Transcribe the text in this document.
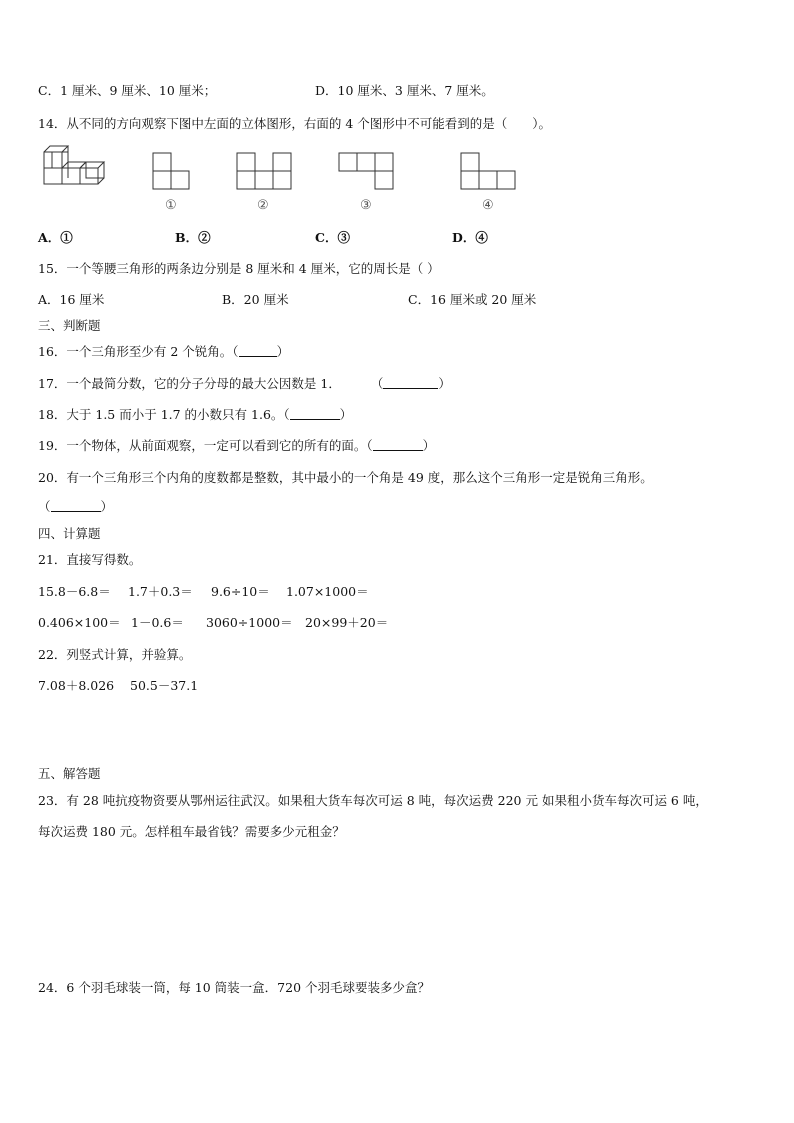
C．1 厘米、9 厘米、10 厘米；	D．10 厘米、3 厘米、7 厘米。
14．从不同的方向观察下图中左面的立体图形，右面的 4 个图形中不可能看到的是（　　）。
①	②	③	④
A．①	B．②	C．③	D．④
15．一个等腰三角形的两条边分别是 8 厘米和 4 厘米，它的周长是（ ）
A．16 厘米	B．20 厘米	C．16 厘米或 20 厘米
三、判断题
16．一个三角形至少有 2 个锐角。（	）
17．一个最简分数，它的分子分母的最大公因数是 1． （	）
18．大于 1.5 而小于 1.7 的小数只有 1.6。（	）
19．一个物体，从前面观察，一定可以看到它的所有的面。（	）
20．有一个三角形三个内角的度数都是整数，其中最小的一个角是 49 度，那么这个三角形一定是锐角三角形。
（	）
四、计算题
21．直接写得数。
15.8－6.8＝ 1.7＋0.3＝ 9.6÷10＝ 1.07×1000＝
0.406×100＝ 1－0.6＝ 3060÷1000＝ 20×99＋20＝
22．列竖式计算，并验算。
7.08＋8.026 50.5－37.1
五、解答题
23．有 28 吨抗疫物资要从鄂州运往武汉。如果租大货车每次可运 8 吨，每次运费 220 元 如果租小货车每次可运 6 吨，
每次运费 180 元。怎样租车最省钱？需要多少元租金？
24．6 个羽毛球装一筒，每 10 筒装一盒．720 个羽毛球要装多少盒？
